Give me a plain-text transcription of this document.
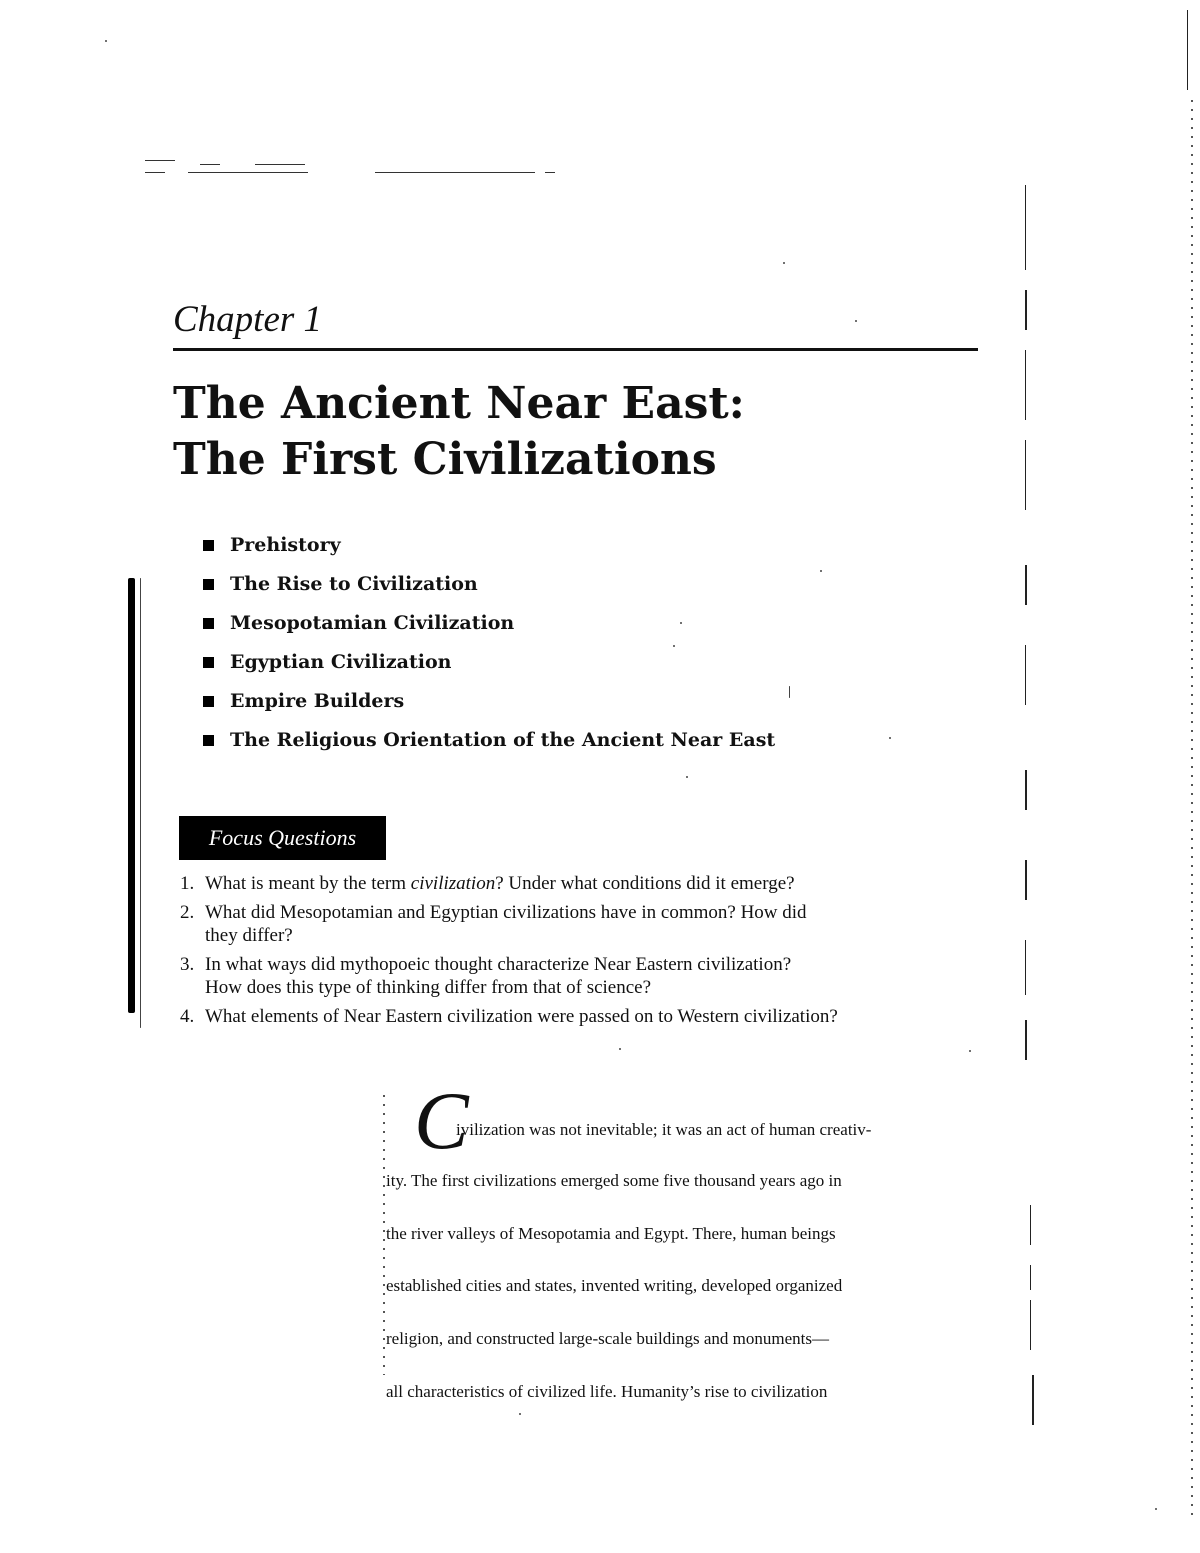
Chapter 1
The Ancient Near East:
The First Civilizations
Prehistory
The Rise to Civilization
Mesopotamian Civilization
Egyptian Civilization
Empire Builders
The Religious Orientation of the Ancient Near East
Focus Questions
1. What is meant by the term civilization? Under what conditions did it emerge?
2. What did Mesopotamian and Egyptian civilizations have in common? How did
they differ?
3. In what ways did mythopoeic thought characterize Near Eastern civilization?
How does this type of thinking differ from that of science?
4. What elements of Near Eastern civilization were passed on to Western civilization?
C
ivilization was not inevitable; it was an act of human creativ-
ity. The first civilizations emerged some five thousand years ago in
the river valleys of Mesopotamia and Egypt. There, human beings
established cities and states, invented writing, developed organized
religion, and constructed large-scale buildings and monuments—
all characteristics of civilized life. Humanity’s rise to civilization
